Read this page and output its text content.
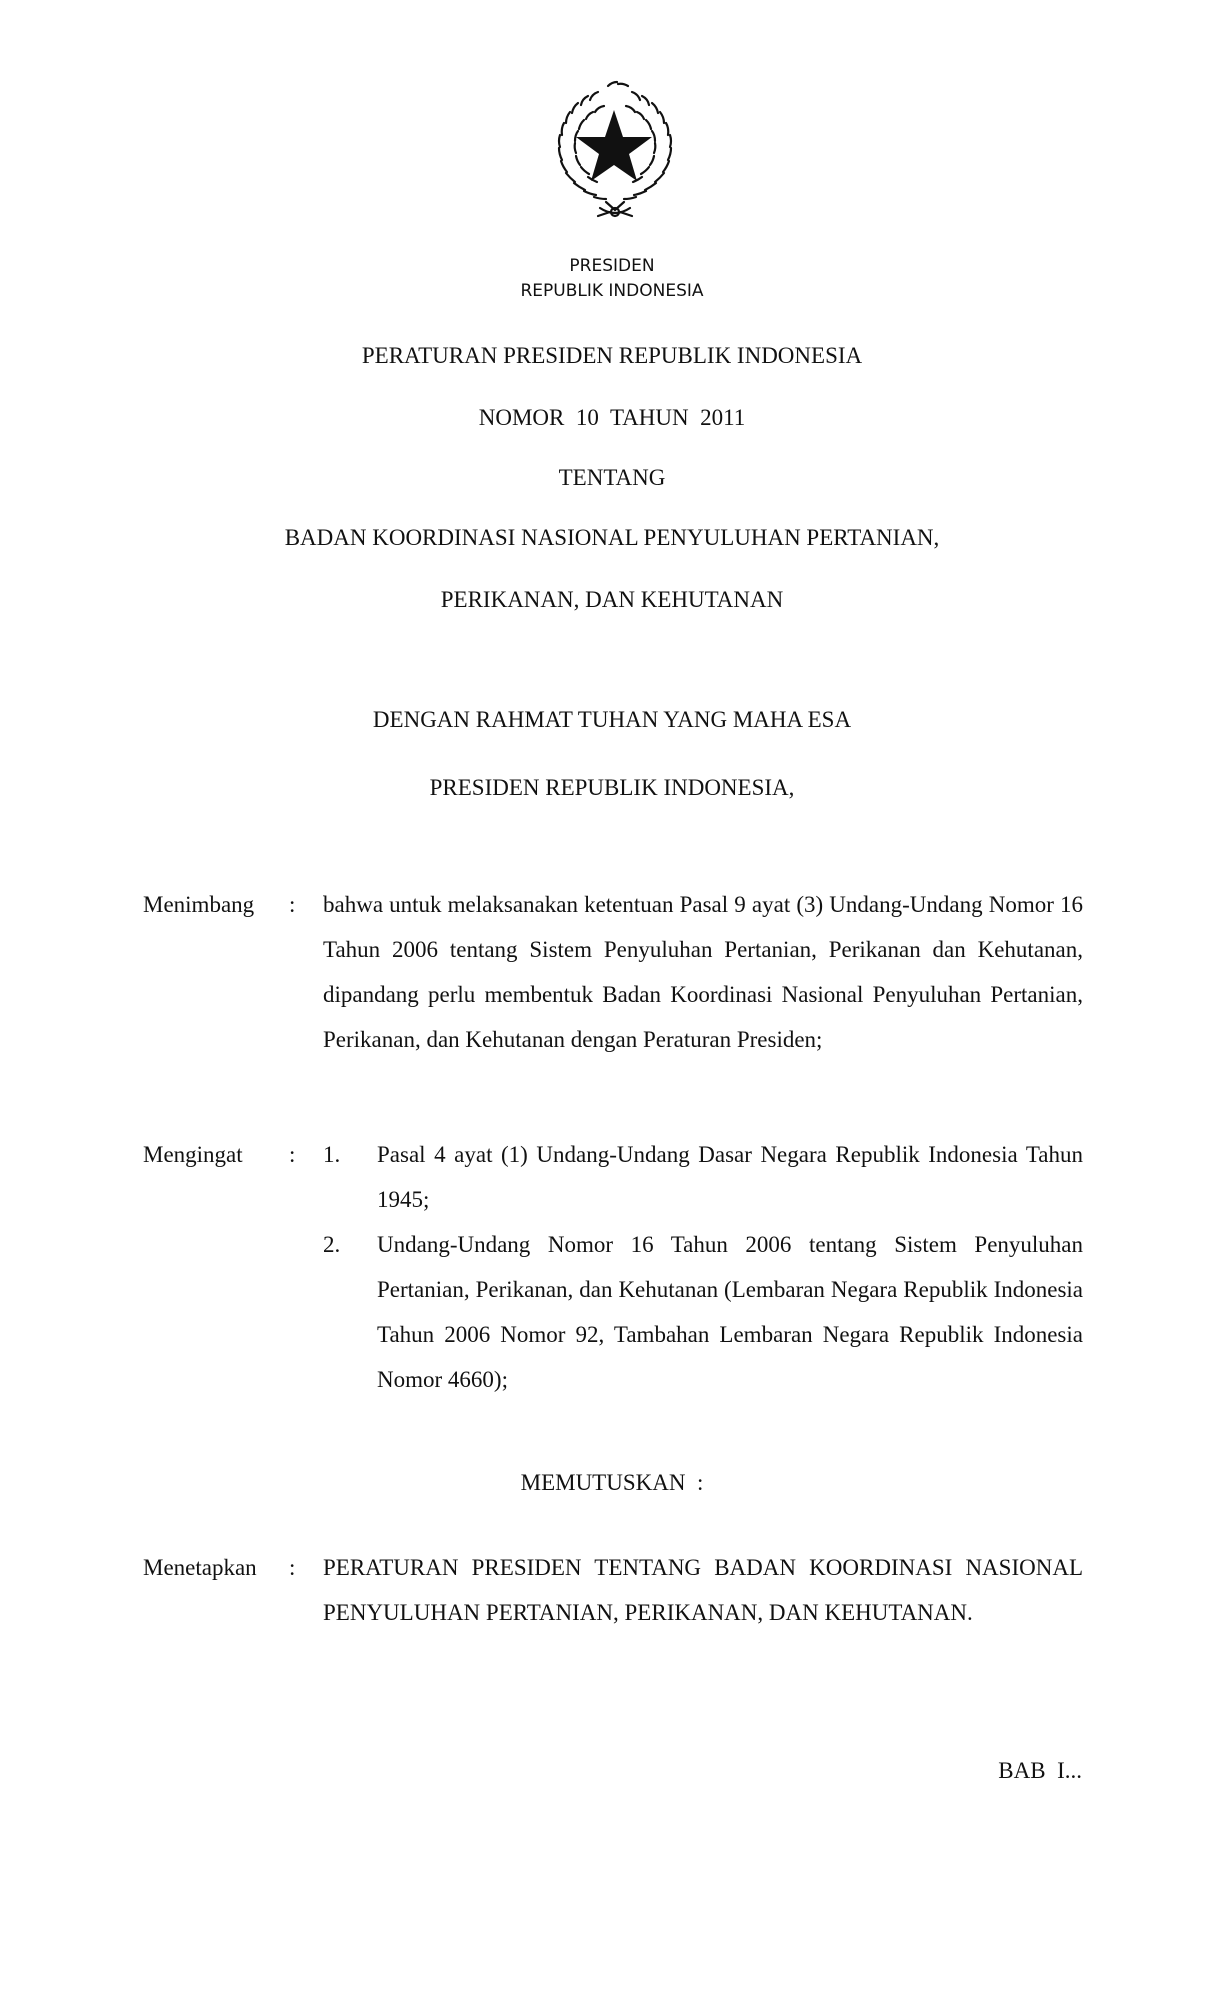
PRESIDEN
REPUBLIK INDONESIA
PERATURAN PRESIDEN REPUBLIK INDONESIA
NOMOR  10  TAHUN  2011
TENTANG
BADAN KOORDINASI NASIONAL PENYULUHAN PERTANIAN,
PERIKANAN, DAN KEHUTANAN
DENGAN RAHMAT TUHAN YANG MAHA ESA
PRESIDEN REPUBLIK INDONESIA,
Menimbang : bahwa untuk melaksanakan ketentuan Pasal 9 ayat (3) Undang-Undang Nomor 16 Tahun 2006 tentang Sistem Penyuluhan Pertanian, Perikanan dan Kehutanan, dipandang perlu membentuk Badan Koordinasi Nasional Penyuluhan Pertanian, Perikanan, dan Kehutanan dengan Peraturan Presiden;
Mengingat : 1. Pasal 4 ayat (1) Undang-Undang Dasar Negara Republik Indonesia Tahun 1945;
2. Undang-Undang Nomor 16 Tahun 2006 tentang Sistem Penyuluhan Pertanian, Perikanan, dan Kehutanan (Lembaran Negara Republik Indonesia Tahun 2006 Nomor 92, Tambahan Lembaran Negara Republik Indonesia Nomor 4660);
MEMUTUSKAN  :
Menetapkan : PERATURAN PRESIDEN TENTANG BADAN KOORDINASI NASIONAL PENYULUHAN PERTANIAN, PERIKANAN, DAN KEHUTANAN.
BAB  I...
